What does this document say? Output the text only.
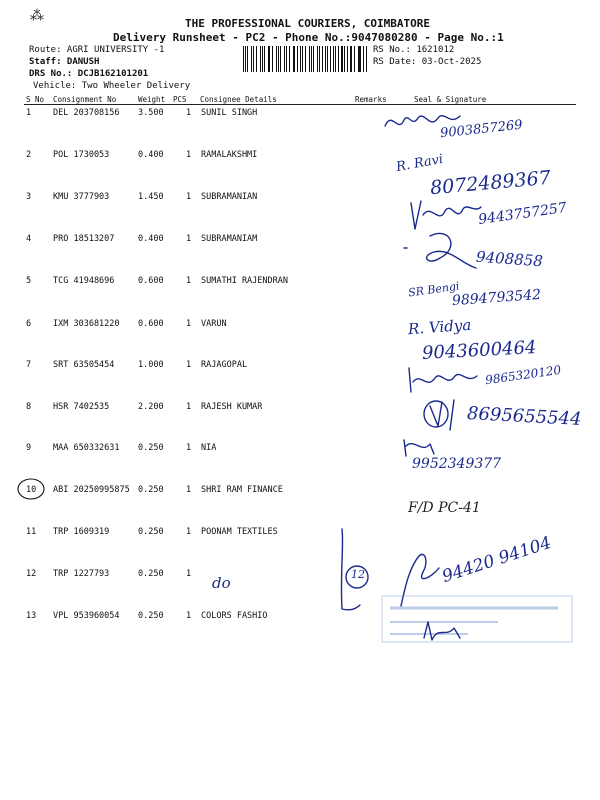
⁂	THE PROFESSIONAL COURIERS, COIMBATORE
Delivery Runsheet - PC2 - Phone No.:9047080280 - Page No.:1
Route: AGRI UNIVERSITY -1
Staff: DANUSH
DRS No.: DCJB162101201
Vehicle: Two Wheeler Delivery
RS No.: 1621012
RS Date: 03-Oct-2025
S No Consignment No	Weight PCS Consignee Details	Remarks	Seal & Signature
1	DEL 203708156 3.500	1 SUNIL SINGH
2	POL 1730053	0.400	1 RAMALAKSHMI
3	KMU 3777903	1.450	1 SUBRAMANIAN
4	PRO 18513207	0.400	1 SUBRAMANIAM
5	TCG 41948696	0.600	1 SUMATHI RAJENDRAN
6	IXM 303681220 0.600	1 VARUN
7	SRT 63505454	1.000	1 RAJAGOPAL
8	HSR 7402535	2.200	1 RAJESH KUMAR
9	MAA 650332631 0.250	1 NIA
10 ABI 20250995875 0.250	1 SHRI RAM FINANCE
11 TRP 1609319	0.250	1 POONAM TEXTILES
12 TRP 1227793	0.250	1
13 VPL 953960054 0.250	1 COLORS FASHIO
9003857269
R. Ravi
8072489367
9443757257
9408858
SR Bengi
9894793542
R. Vidya
9043600464
9865320120
8695655544
9952349377
F/D PC-41
12
do	94420 94104
